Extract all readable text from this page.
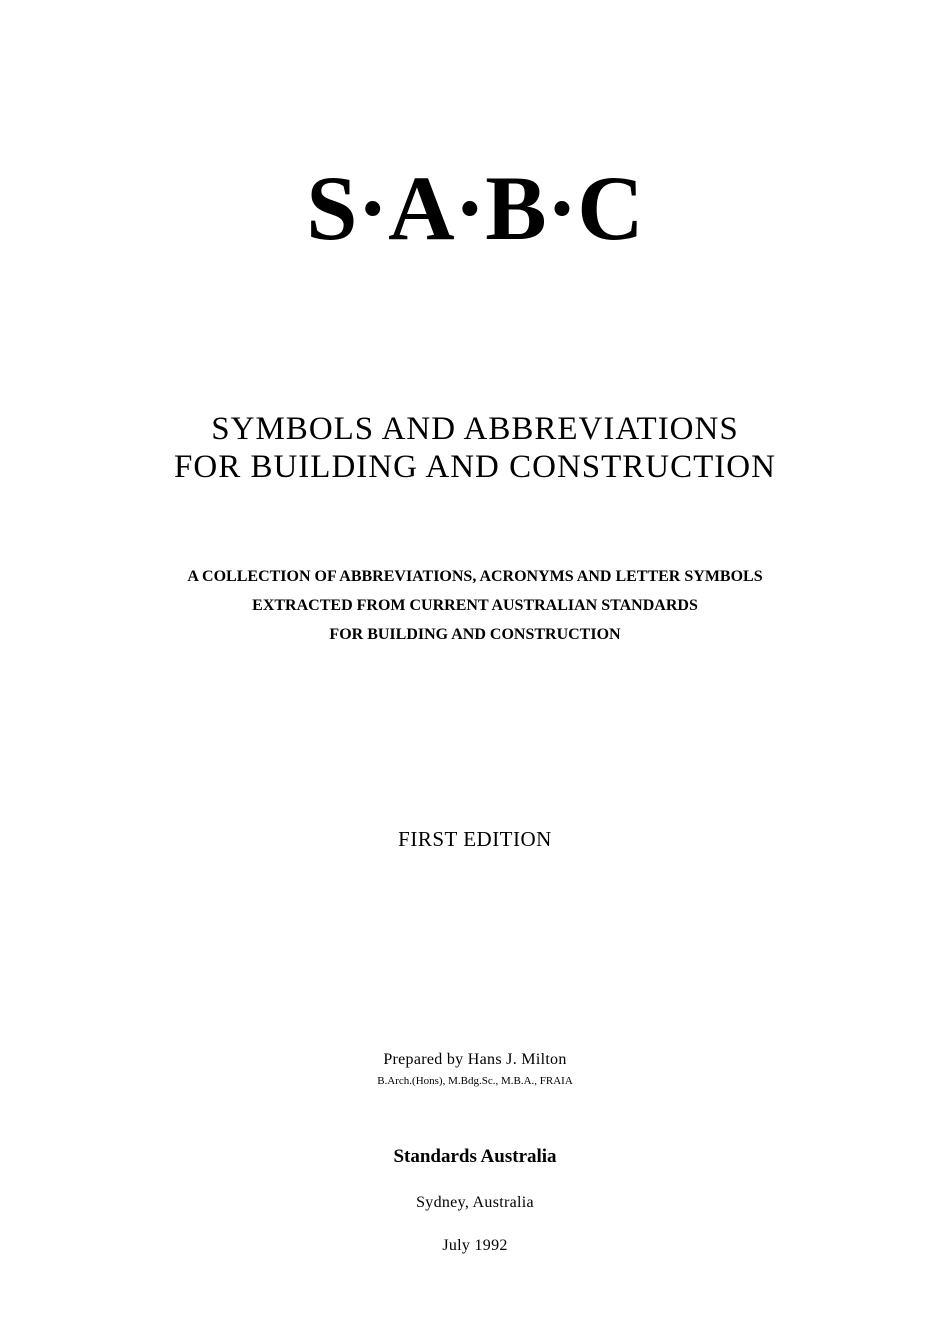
S·A·B·C
SYMBOLS AND ABBREVIATIONS
FOR BUILDING AND CONSTRUCTION
A COLLECTION OF ABBREVIATIONS, ACRONYMS AND LETTER SYMBOLS
EXTRACTED FROM CURRENT AUSTRALIAN STANDARDS
FOR BUILDING AND CONSTRUCTION
FIRST EDITION
Prepared by Hans J. Milton
B.Arch.(Hons), M.Bdg.Sc., M.B.A., FRAIA
Standards Australia
Sydney, Australia
July 1992
